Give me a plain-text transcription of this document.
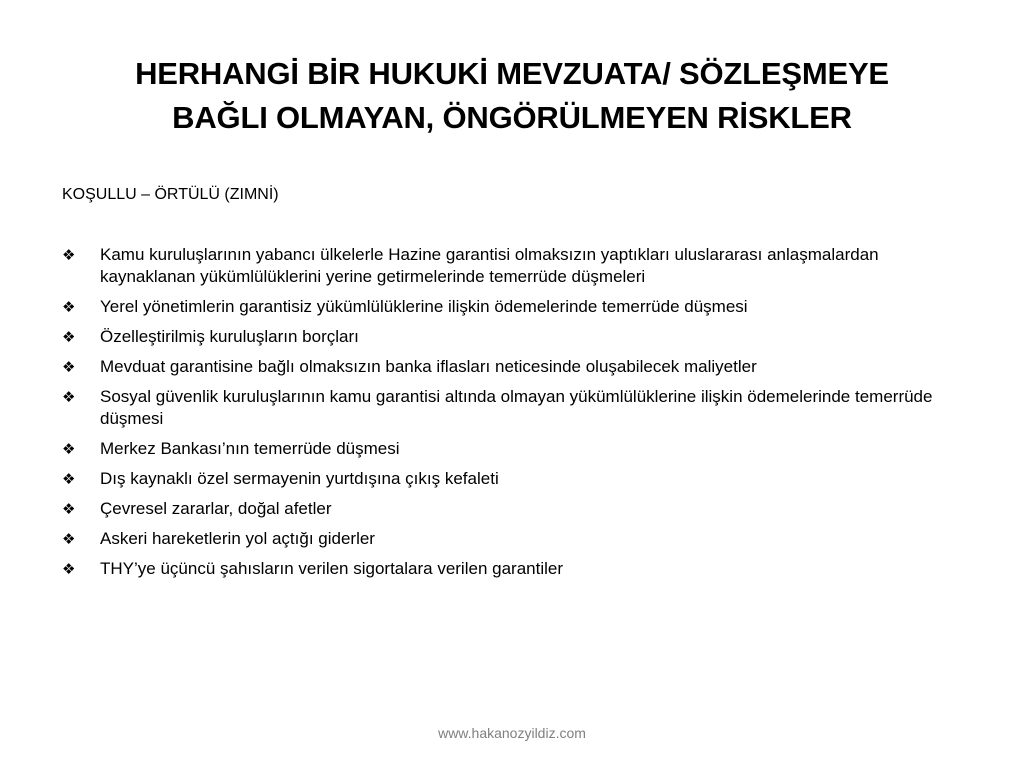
HERHANGİ BİR HUKUKİ MEVZUATA/ SÖZLEŞMEYE
BAĞLI OLMAYAN, ÖNGÖRÜLMEYEN RİSKLER
KOŞULLU – ÖRTÜLÜ (ZIMNİ)
❖	Kamu kuruluşlarının yabancı ülkelerle Hazine garantisi olmaksızın yaptıkları uluslararası anlaşmalardan kaynaklanan yükümlülüklerini yerine getirmelerinde temerrüde düşmeleri
❖	Yerel yönetimlerin garantisiz yükümlülüklerine ilişkin ödemelerinde temerrüde düşmesi
❖	Özelleştirilmiş kuruluşların borçları
❖	Mevduat garantisine bağlı olmaksızın banka iflasları neticesinde oluşabilecek maliyetler
❖	Sosyal güvenlik kuruluşlarının kamu garantisi altında olmayan yükümlülüklerine ilişkin ödemelerinde temerrüde düşmesi
❖	Merkez Bankası’nın temerrüde düşmesi
❖	Dış kaynaklı özel sermayenin yurtdışına çıkış kefaleti
❖	Çevresel zararlar, doğal afetler
❖	Askeri hareketlerin yol açtığı giderler
❖	THY’ye üçüncü şahısların verilen sigortalara verilen garantiler
www.hakanozyildiz.com
